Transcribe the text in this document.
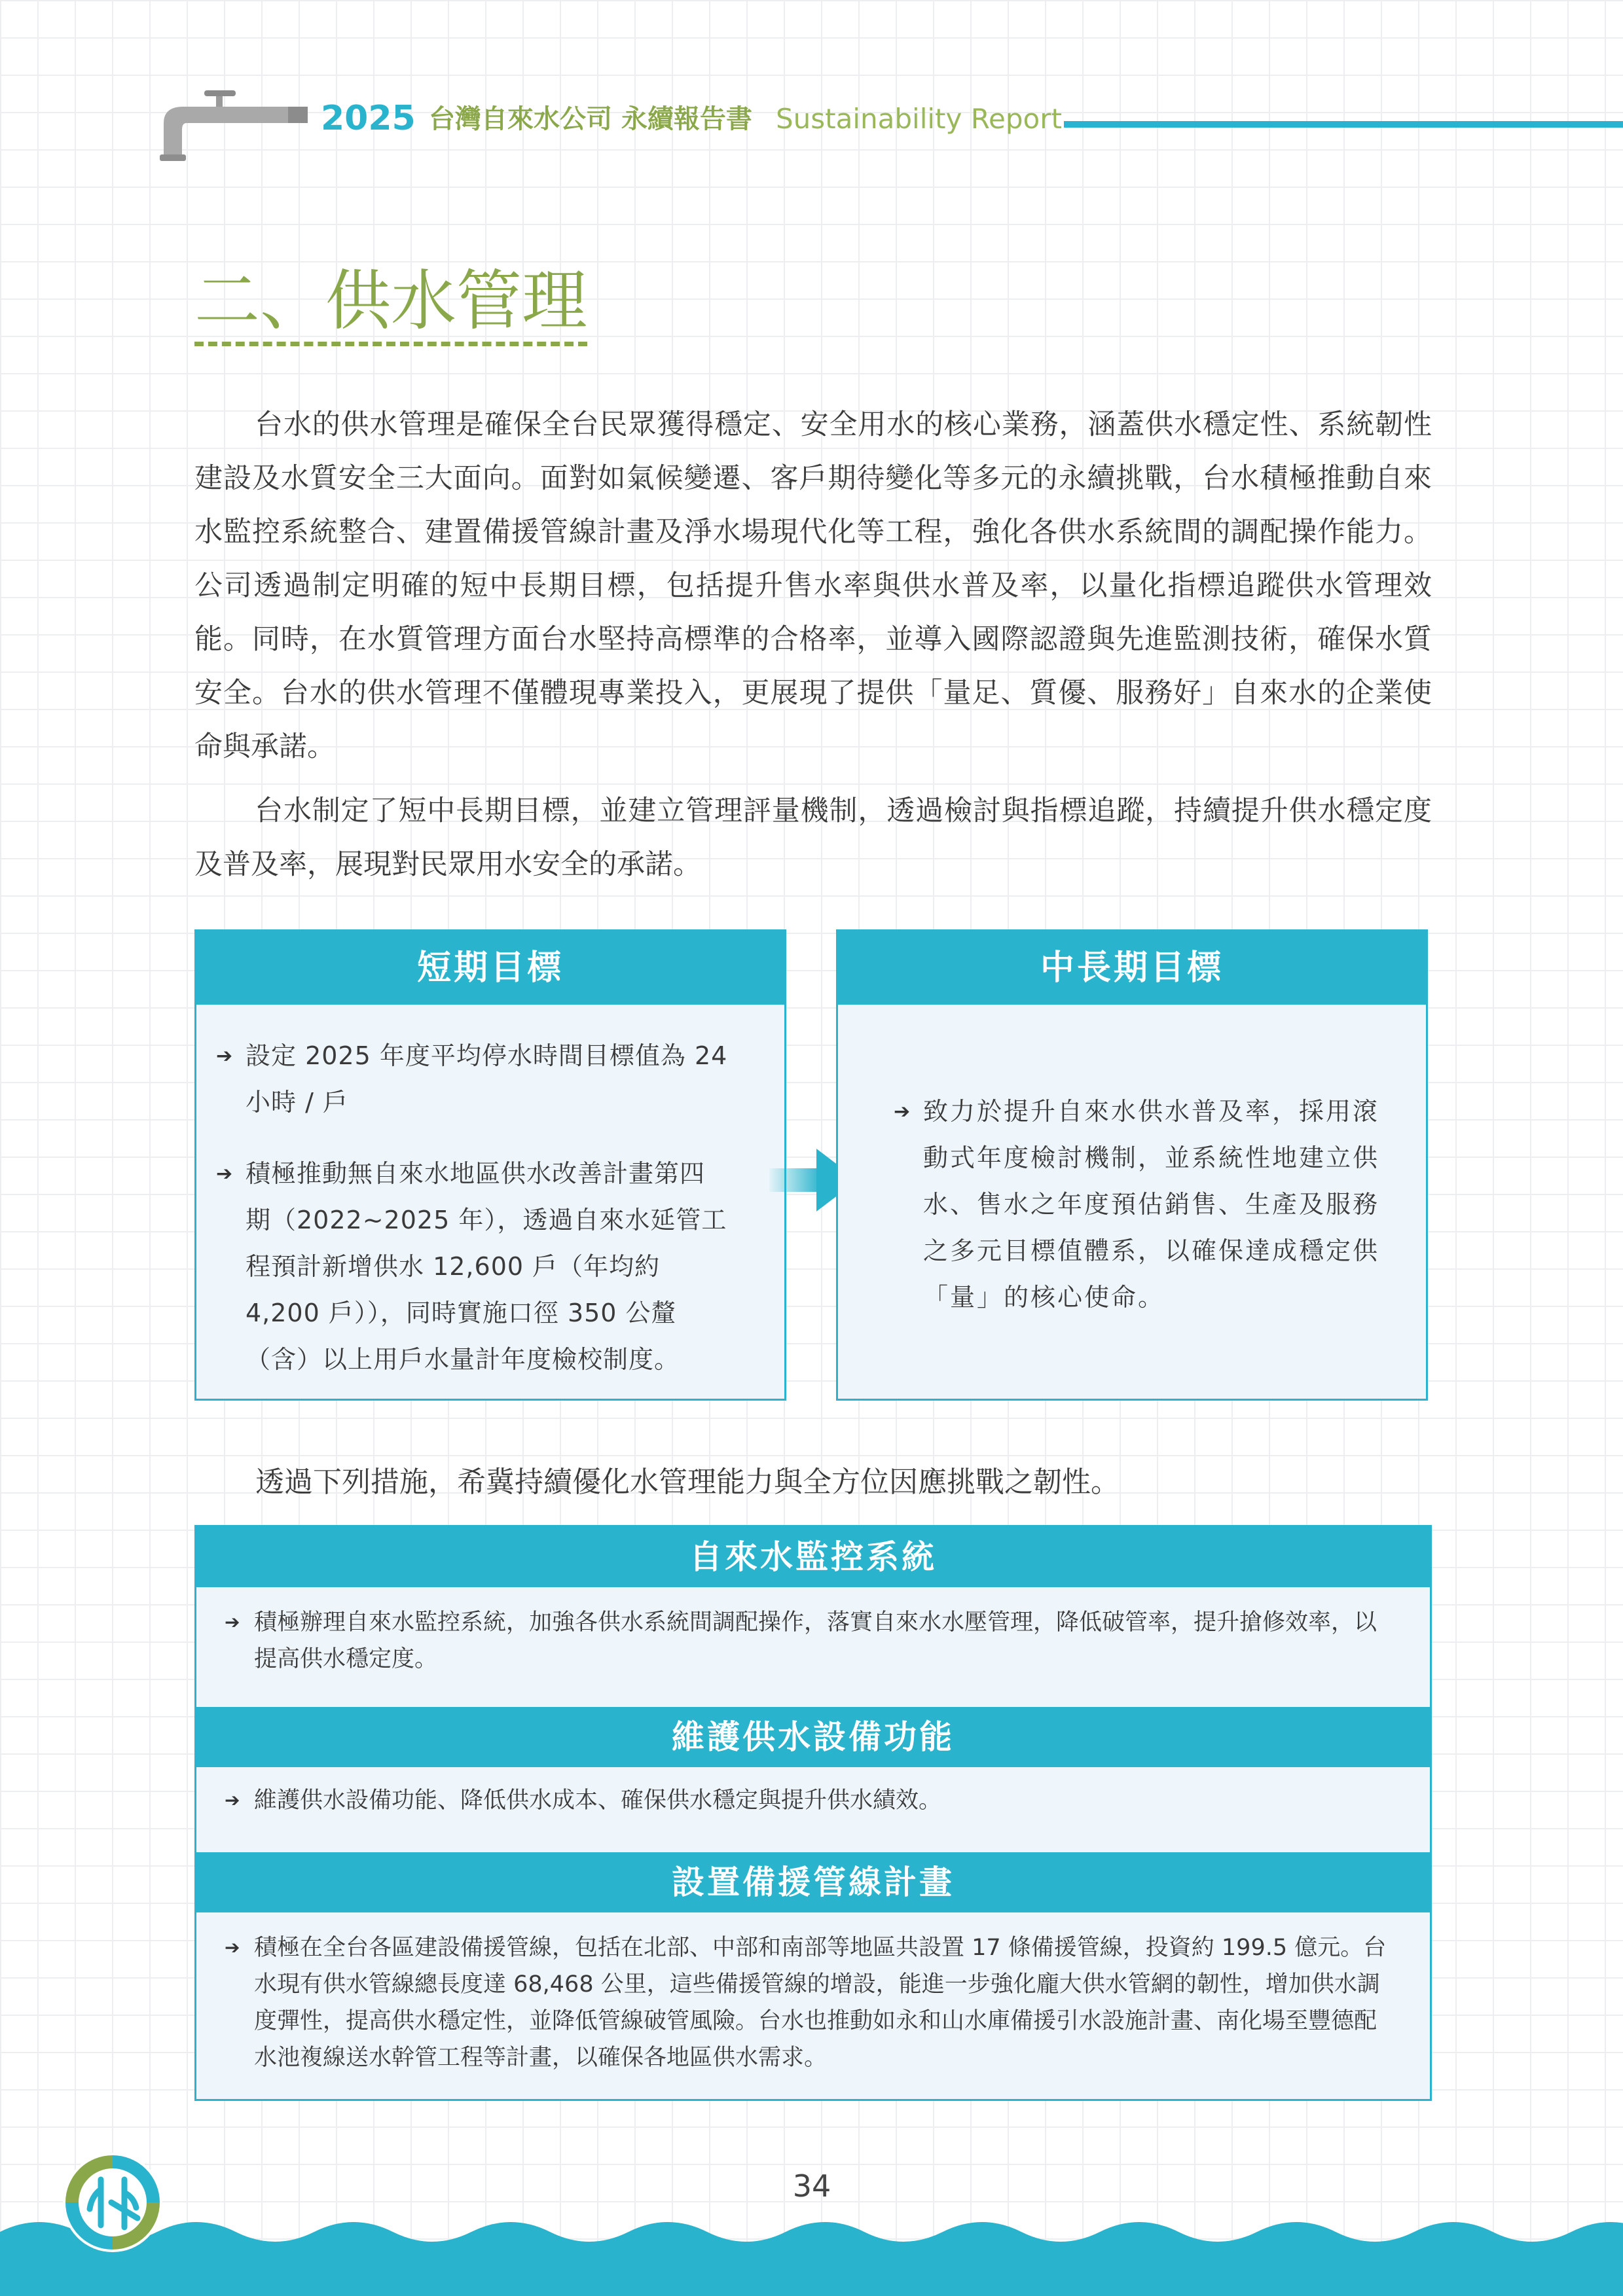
2025 台灣自來水公司 永續報告書 Sustainability Report
二、供水管理

台水的供水管理是確保全台民眾獲得穩定、安全用水的核心業務，涵蓋供水穩定性、系統韌性建設及水質安全三大面向。面對如氣候變遷、客戶期待變化等多元的永續挑戰，台水積極推動自來水監控系統整合、建置備援管線計畫及淨水場現代化等工程，強化各供水系統間的調配操作能力。公司透過制定明確的短中長期目標，包括提升售水率與供水普及率，以量化指標追蹤供水管理效能。同時，在水質管理方面台水堅持高標準的合格率，並導入國際認證與先進監測技術，確保水質安全。台水的供水管理不僅體現專業投入，更展現了提供「量足、質優、服務好」自來水的企業使命與承諾。

台水制定了短中長期目標，並建立管理評量機制，透過檢討與指標追蹤，持續提升供水穩定度及普及率，展現對民眾用水安全的承諾。

短期目標
➔ 設定 2025 年度平均停水時間目標值為 24 小時 / 戶
➔ 積極推動無自來水地區供水改善計畫第四期（2022~2025 年），透過自來水延管工程預計新增供水 12,600 戶（年均約 4,200 戶）），同時實施口徑 350 公釐（含）以上用戶水量計年度檢校制度。
中長期目標
➔ 致力於提升自來水供水普及率，採用滾動式年度檢討機制，並系統性地建立供水、售水之年度預估銷售、生產及服務之多元目標值體系，以確保達成穩定供「量」的核心使命。
透過下列措施，希冀持續優化水管理能力與全方位因應挑戰之韌性。
自來水監控系統
➔ 積極辦理自來水監控系統，加強各供水系統間調配操作，落實自來水水壓管理，降低破管率，提升搶修效率，以提高供水穩定度。
維護供水設備功能
➔ 維護供水設備功能、降低供水成本、確保供水穩定與提升供水績效。
設置備援管線計畫
➔ 積極在全台各區建設備援管線，包括在北部、中部和南部等地區共設置 17 條備援管線，投資約 199.5 億元。台水現有供水管線總長度達 68,468 公里，這些備援管線的增設，能進一步強化龐大供水管網的韌性，增加供水調度彈性，提高供水穩定性，並降低管線破管風險。台水也推動如永和山水庫備援引水設施計畫、南化場至豐德配水池複線送水幹管工程等計畫，以確保各地區供水需求。
34
